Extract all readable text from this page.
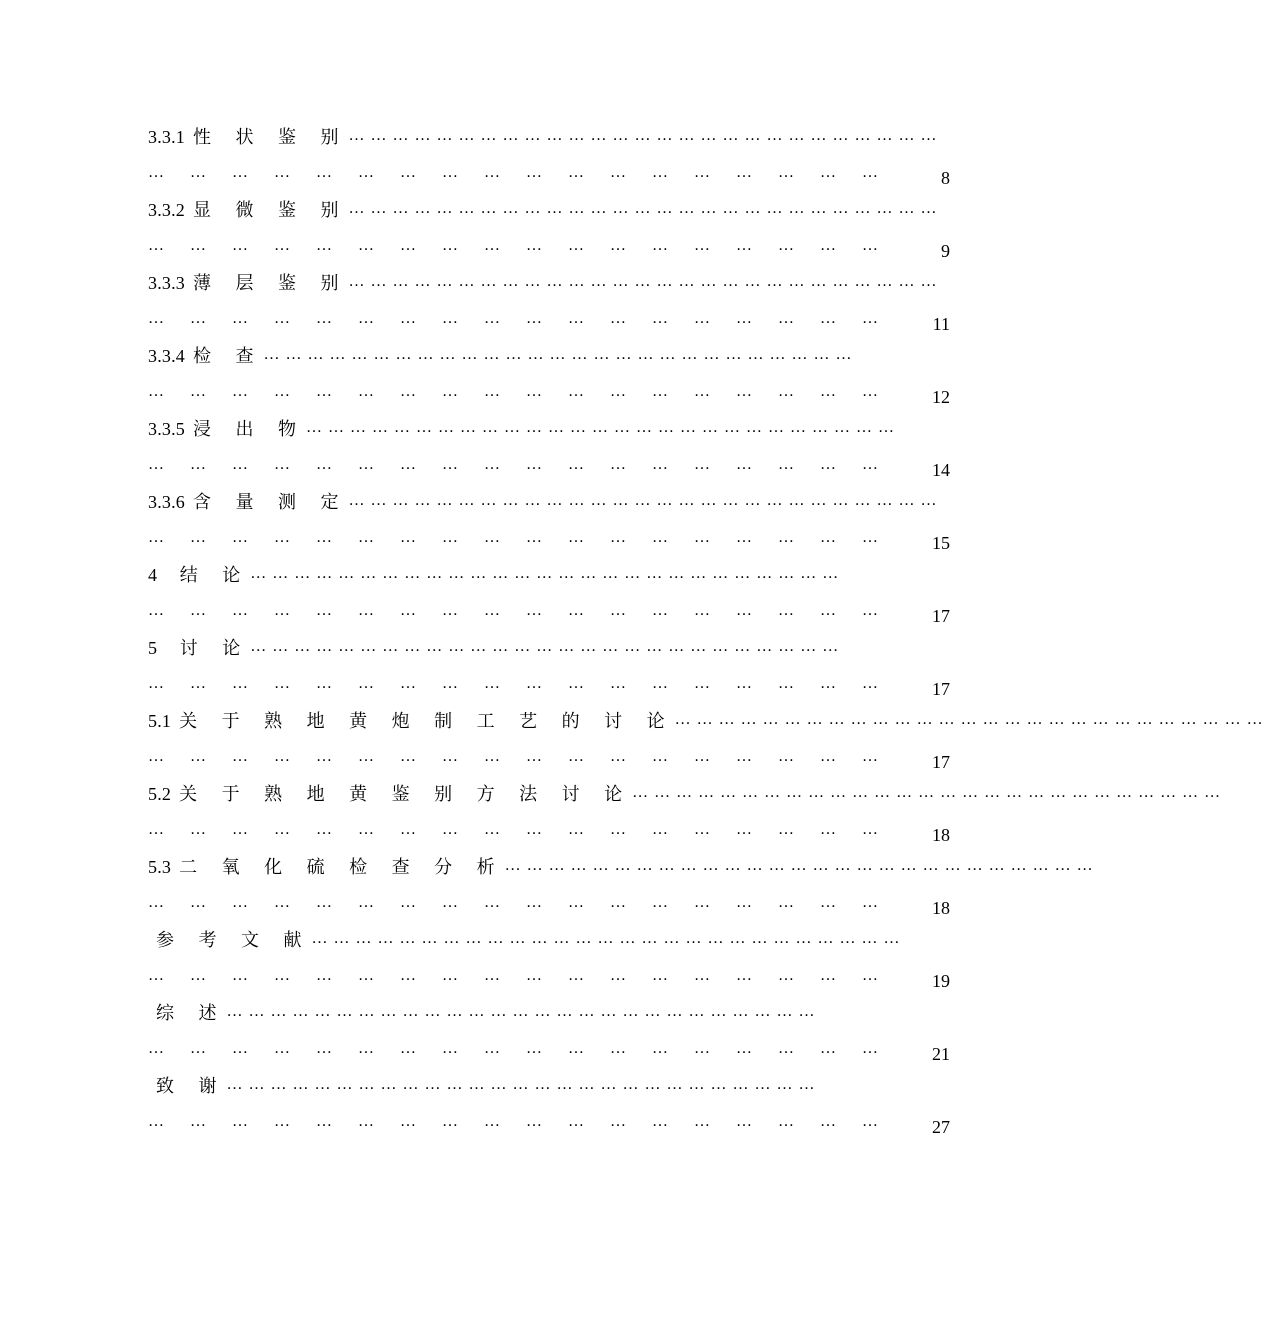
3.3.1 性 状 鉴 别 ………………………………………………………………………
………………………………………………	8
3.3.2 显 微 鉴 别 ………………………………………………………………………
………………………………………………	9
3.3.3 薄 层 鉴 别 ………………………………………………………………………
………………………………………………	11
3.3.4 检 查 ………………………………………………………………………
………………………………………………	12
3.3.5 浸 出 物 ………………………………………………………………………
………………………………………………	14
3.3.6 含 量 测 定 ………………………………………………………………………
………………………………………………	15
4 结 论 ………………………………………………………………………
………………………………………………	17
5 讨 论 ………………………………………………………………………
………………………………………………	17
5.1 关 于 熟 地 黄 炮 制 工 艺 的 讨 论 ………………………………………………………………………
………………………………………………	17
5.2 关 于 熟 地 黄 鉴 别 方 法 讨 论 ………………………………………………………………………
………………………………………………	18
5.3 二 氧 化 硫 检 查 分 析 ………………………………………………………………………
………………………………………………	18
参 考 文 献 ………………………………………………………………………
………………………………………………	19
综 述 ………………………………………………………………………
………………………………………………	21
致 谢 ………………………………………………………………………
………………………………………………	27
